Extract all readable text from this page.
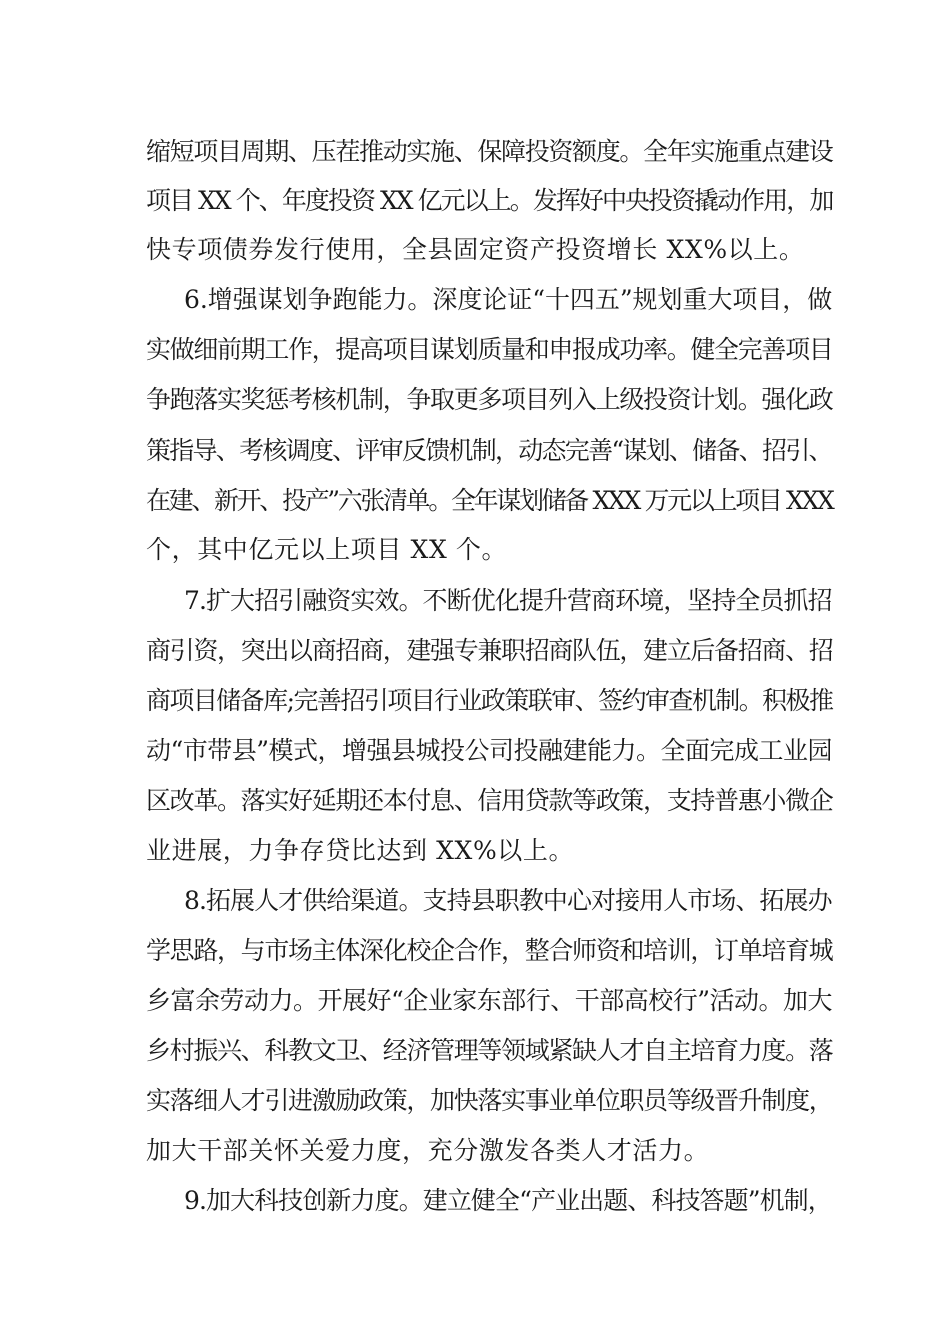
缩短项目周期、压茬推动实施、保障投资额度。全年实施重点建设
项目 XX 个、年度投资 XX 亿元以上。发挥好中央投资撬动作用，加
快专项债券发行使用，全县固定资产投资增长 XX%以上。
6.增强谋划争跑能力。深度论证“十四五”规划重大项目，做
实做细前期工作，提高项目谋划质量和申报成功率。健全完善项目
争跑落实奖惩考核机制，争取更多项目列入上级投资计划。强化政
策指导、考核调度、评审反馈机制，动态完善“谋划、储备、招引、
在建、新开、投产”六张清单。全年谋划储备 XXX 万元以上项目 XXX
个，其中亿元以上项目 XX 个。
7.扩大招引融资实效。不断优化提升营商环境，坚持全员抓招
商引资，突出以商招商，建强专兼职招商队伍，建立后备招商、招
商项目储备库;完善招引项目行业政策联审、签约审查机制。积极推
动“市带县”模式，增强县城投公司投融建能力。全面完成工业园
区改革。落实好延期还本付息、信用贷款等政策，支持普惠小微企
业进展，力争存贷比达到 XX%以上。
8.拓展人才供给渠道。支持县职教中心对接用人市场、拓展办
学思路，与市场主体深化校企合作，整合师资和培训，订单培育城
乡富余劳动力。开展好“企业家东部行、干部高校行”活动。加大
乡村振兴、科教文卫、经济管理等领域紧缺人才自主培育力度。落
实落细人才引进激励政策，加快落实事业单位职员等级晋升制度，
加大干部关怀关爱力度，充分激发各类人才活力。
9.加大科技创新力度。建立健全“产业出题、科技答题”机制，
